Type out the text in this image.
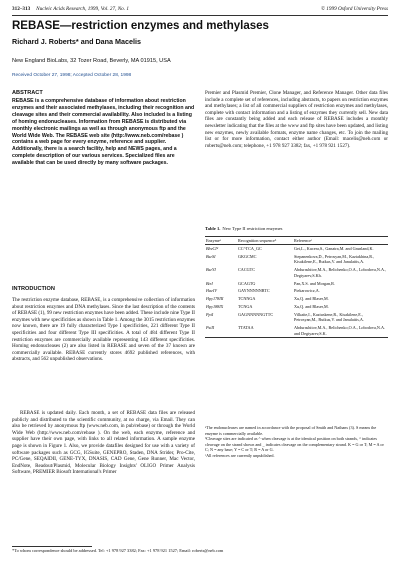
312–313 Nucleic Acids Research, 1999, Vol. 27, No. 1	© 1999 Oxford University Press
REBASE—restriction enzymes and methylases
Richard J. Roberts* and Dana Macelis
New England BioLabs, 32 Tozer Road, Beverly, MA 01915, USA
Received October 27, 1998; Accepted October 28, 1998
ABSTRACT
REBASE is a comprehensive database of information about restriction enzymes and their associated methylases, including their recognition and cleavage sites and their commercial availability. Also included is a listing of homing endonucleases. Information from REBASE is distributed via monthly electronic mailings as well as through anonymous ftp and the World Wide Web. The REBASE web site (http://www.neb.com/rebase ) contains a web page for every enzyme, reference and supplier. Additionally, there is a search facility, help and NEWS pages, and a complete description of our various services. Specialized files are available that can be used directly by many software packages.
INTRODUCTION
The restriction enzyme database, REBASE, is a comprehensive collection of information about restriction enzymes and DNA methylases. Since the last description of the contents of REBASE (1), 99 new restriction enzymes have been added. These include nine Type II enzymes with new specificities as shown in Table 1. Among the 3015 restriction enzymes now known, there are 19 fully characterized Type I specificities, 221 different Type II specificities and four different Type III specificities. A total of 484 different Type II restriction enzymes are commercially available representing 143 different specificities. Homing endonucleases (2) are also listed in REBASE and seven of the 37 known are commercially available. REBASE currently stores 4692 published references, with abstracts, and 562 unpublished observations.
REBASE is updated daily. Each month, a set of REBASE data files are released publicly and distributed to the scientific community, at no charge, via Email. They can also be retrieved by anonymous ftp (www.neb.com, in pub/rebase) or through the World Wide Web (http://www.neb.com/rebase ). On the web, each enzyme, reference and supplier have their own page, with links to all related information. A sample enzyme page is shown in Figure 1. Also, we provide datafiles designed for use with a variety of software packages such as GCG, IGSuite, GENEPRO, Staden, DNA Strider, Pro-Cite, PC/Gene, SEQAIDII, GENE-TYX, DNASIS, CAD Gene, Gene Runner, Mac Vector, EndNote, Readout/Plasmid, Molecular Biology Insights' OLIGO Primer Analysis Software, PREMIER Biosoft International's Primer
Premier and Plasmid Premier, Clone Manager, and Reference Manager. Other data files include a complete set of references, including abstracts, to papers on restriction enzymes and methylases; a list of all commercial suppliers of restriction enzymes and methylases, complete with contact information and a listing of enzymes they currently sell. New data files are constantly being added and each release of REBASE includes a monthly newsletter indicating that the files at the www and ftp sites have been updated, and listing new enzymes, newly available formats, enzyme name changes, etc. To join the mailing list or for more information, contact either author (Email: macelis@neb.com or roberts@neb.com; telephone, +1 978 927 3382; fax, +1 978 921 1527).
Table 1. New Type II restriction enzymes
Enzymeᵃ	Recognition sequenceᵇ	Referenceᶜ
BbvCIᵈ	CC^TCA_GC	Gei,L., Kucera,S., Ganatra,M. and Grunland,K.
BseSI	GKGCMC	Stepanenkova,D., Petrosyan,M., Kaziakhina,R., Kisakilene,E., Butkus,V. and Janulaitis,A.
BseYI	CACGTC	Abdurashitov,M.A., Belichenko,O.A., Lobodova,N.A., Degtyarev,S.Kh.
BtrI	GCAGTG	Pan,X.S. and Morgan,R.
HaeIV	GAYNNNNNRTC	Piekarowicz,A.
Hpy178III	TCNNGA	Xu,Q. and Blaser,M.
Hpy188IX	TCNGA	Xu,Q. and Blaser,M.
PpiI	GAGNNNNNGTTC	Vilkaite,I., Kaziuskene,R., Kisakilene,E., Petrosyan,M., Butkus,V. and Janulaitis,A.
PsiII	TTATAA	Abdurashitov,M.A., Belichenko,O.A., Lobodova,N.A. and Degtyarev,S.K.
ᵃThe endonucleases are named in accordance with the proposal of Smith and Nathans (3). S means the enzyme is commercially available.
ᵇCleavage sites are indicated as ^ when cleavage is at the identical position on both strands, ^ indicates cleavage on the strand shown and _ indicates cleavage on the complementary strand. K = G or T; M = A or C; N = any base; Y = C or T; R = A or G.
ᶜAll references are currently unpublished.
*To whom correspondence should be addressed. Tel: +1 978 927 3382; Fax: +1 978 921 1527; Email: roberts@neb.com
